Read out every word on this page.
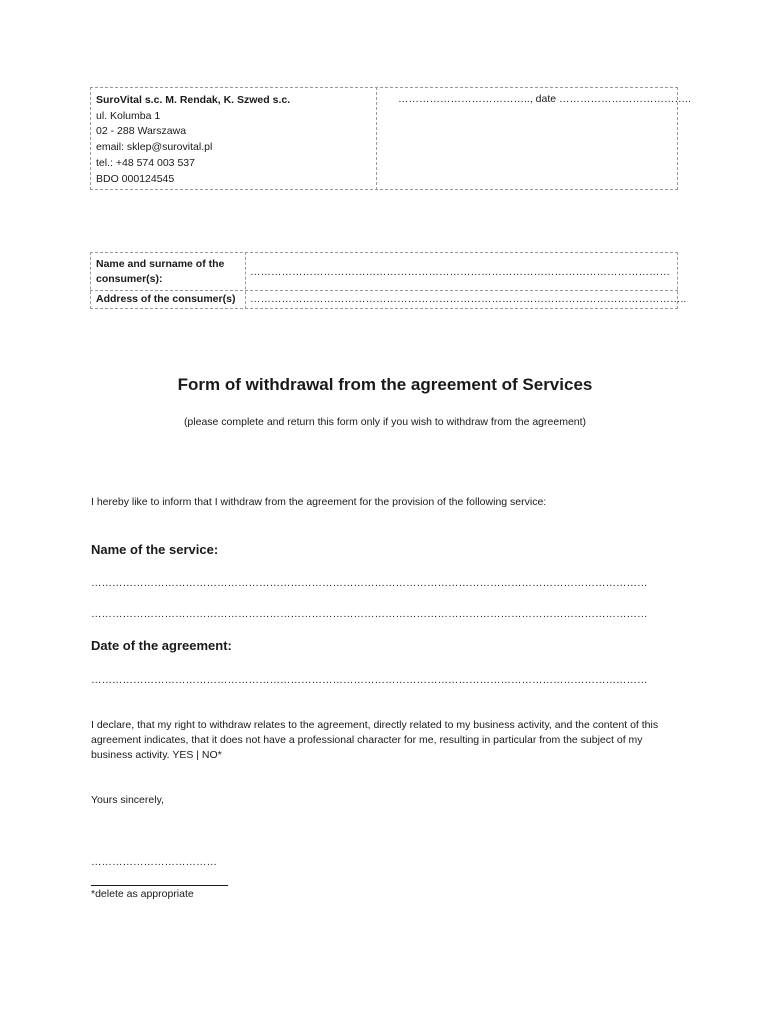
SuroVital s.c. M. Rendak, K. Szwed s.c.
ul. Kolumba 1
02 - 288 Warszawa
email: sklep@surovital.pl
tel.: +48 574 003 537
BDO 000124545
……………………………….., date ………………………………..
Name and surname of the consumer(s):
…………………………………………………………………………………………………………
Address of the consumer(s) ……………………………………………………………………………………………………………..
Form of withdrawal from the agreement of Services
(please complete and return this form only if you wish to withdraw from the agreement)
I hereby like to inform that I withdraw from the agreement for the provision of the following service:
Name of the service:
……………………………………………………………………………………………………………………………………………
……………………………………………………………………………………………………………………………………………
Date of the agreement:
……………………………………………………………………………………………………………………………………………
I declare, that my right to withdraw relates to the agreement, directly related to my business activity, and the content of this agreement indicates, that it does not have a professional character for me, resulting in particular from the subject of my business activity. YES | NO*
Yours sincerely,
………………………………
*delete as appropriate
